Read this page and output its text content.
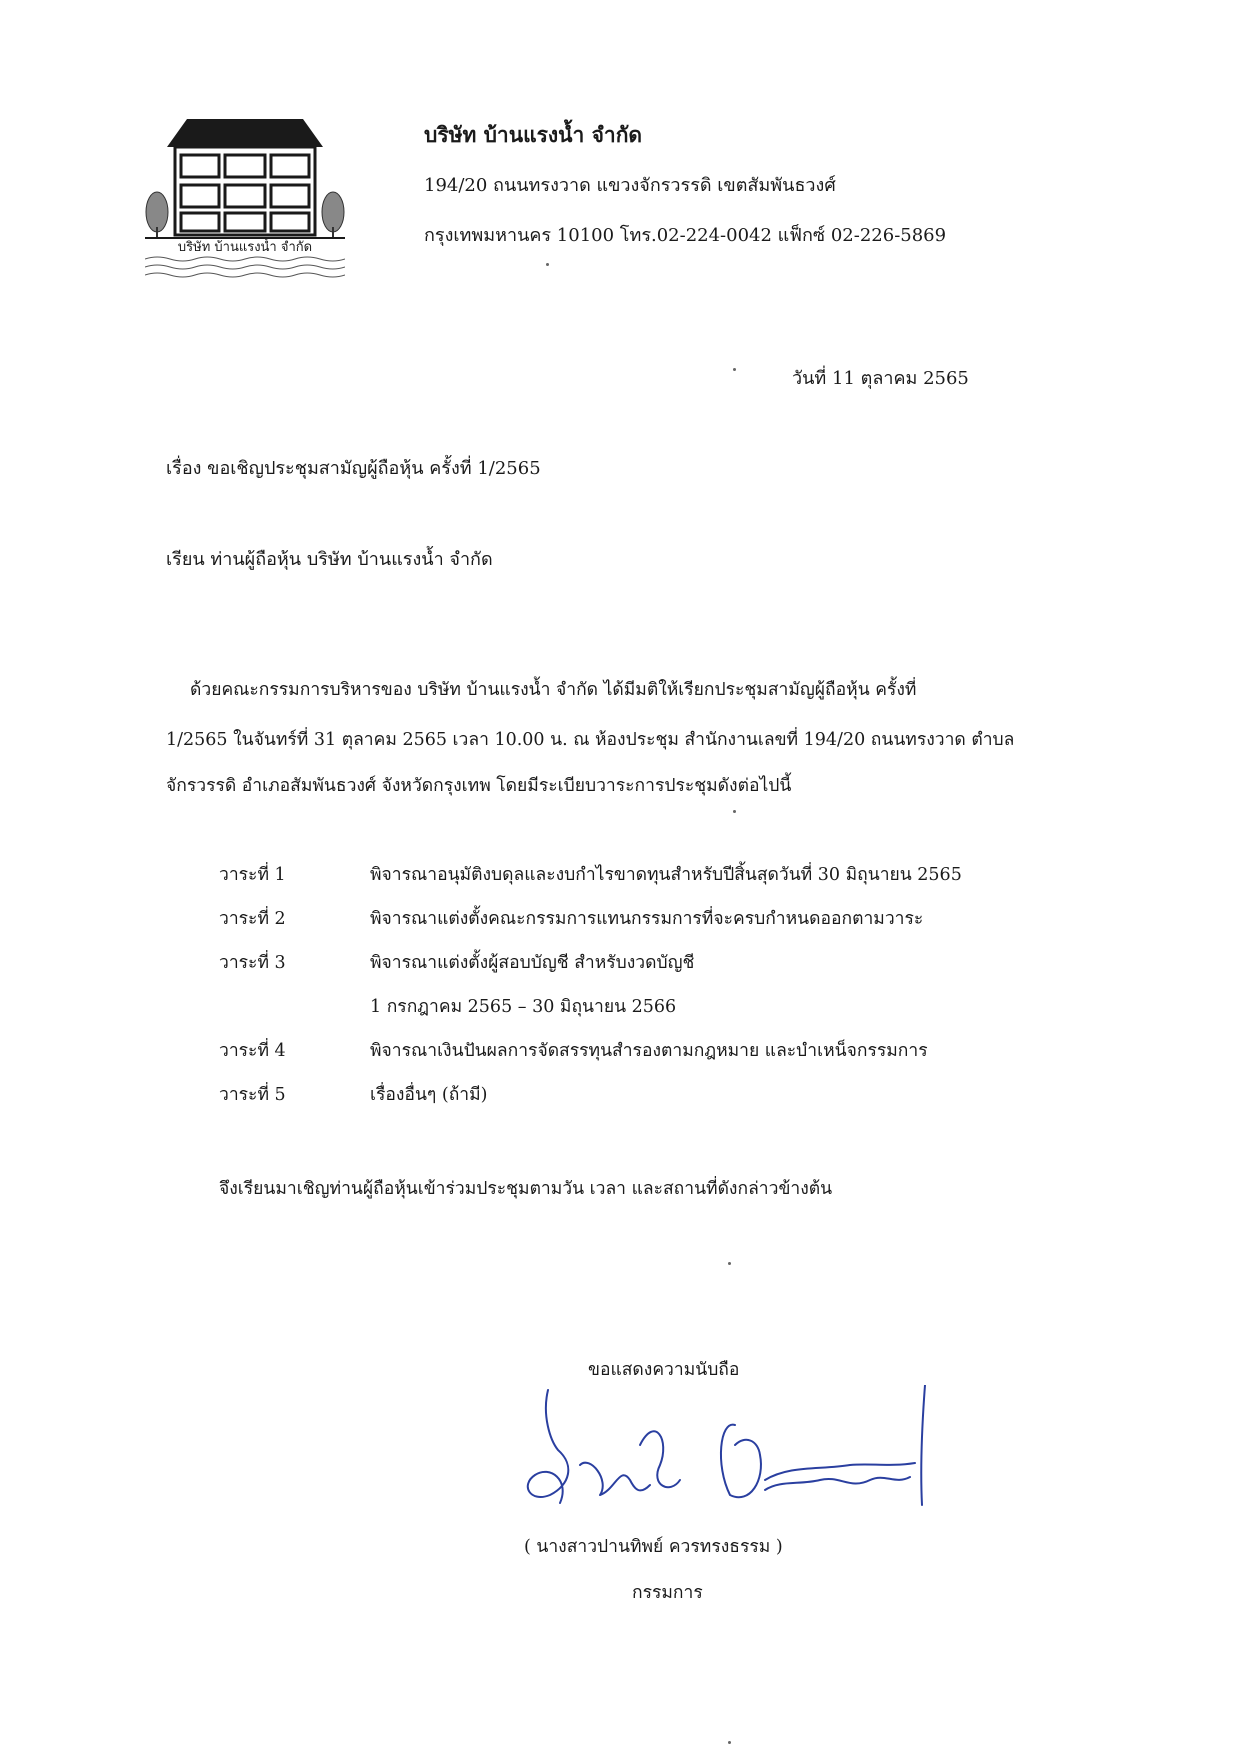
บริษัท บ้านแรงน้ำ จำกัด
บริษัท บ้านแรงน้ำ จำกัด
194/20 ถนนทรงวาด แขวงจักรวรรดิ เขตสัมพันธวงศ์
กรุงเทพมหานคร 10100 โทร.02-224-0042 แฟ็กซ์ 02-226-5869
วันที่ 11 ตุลาคม 2565
เรื่อง ขอเชิญประชุมสามัญผู้ถือหุ้น ครั้งที่ 1/2565
เรียน ท่านผู้ถือหุ้น บริษัท บ้านแรงน้ำ จำกัด
ด้วยคณะกรรมการบริหารของ บริษัท บ้านแรงน้ำ จำกัด ได้มีมติให้เรียกประชุมสามัญผู้ถือหุ้น ครั้งที่
1/2565 ในจันทร์ที่ 31 ตุลาคม 2565 เวลา 10.00 น. ณ ห้องประชุม สำนักงานเลขที่ 194/20 ถนนทรงวาด ตำบล
จักรวรรดิ อำเภอสัมพันธวงศ์ จังหวัดกรุงเทพ โดยมีระเบียบวาระการประชุมดังต่อไปนี้
วาระที่ 1	พิจารณาอนุมัติงบดุลและงบกำไรขาดทุนสำหรับปีสิ้นสุดวันที่ 30 มิถุนายน 2565
วาระที่ 2	พิจารณาแต่งตั้งคณะกรรมการแทนกรรมการที่จะครบกำหนดออกตามวาระ
วาระที่ 3	พิจารณาแต่งตั้งผู้สอบบัญชี สำหรับงวดบัญชี
1 กรกฎาคม 2565 – 30 มิถุนายน 2566
วาระที่ 4	พิจารณาเงินปันผลการจัดสรรทุนสำรองตามกฎหมาย และบำเหน็จกรรมการ
วาระที่ 5	เรื่องอื่นๆ (ถ้ามี)
จึงเรียนมาเชิญท่านผู้ถือหุ้นเข้าร่วมประชุมตามวัน เวลา และสถานที่ดังกล่าวข้างต้น
ขอแสดงความนับถือ
( นางสาวปานทิพย์ ควรทรงธรรม )
กรรมการ
